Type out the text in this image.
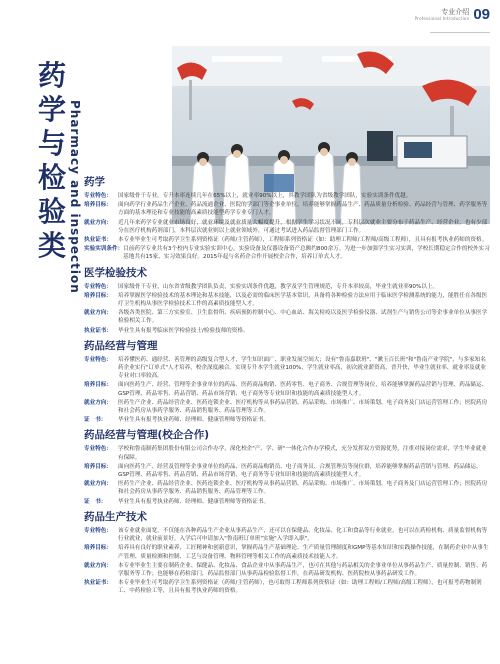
专业介绍
Professional Introduction 09
药
学
与
检
验
类 Pharmacy and inspection 药学
专业特色：	国家级骨干专业，专升本率连续几年在65%以上，就业率90%以上，其教学团队为省级教学团队，实验实训条件优越。
培养目标：	面向药学行业药品生产企业、药品流通企业、医院的学部门等企事业单位，培养能够掌握药品生产、药品质量分析检验、药品经营与管理、药学服务等方面的基本理论和专业技能的高素质技能型药学专业专门人才。
就业方向：	近几年来药学专业就业市场良好，就业环境及就业质量大幅度提升，根据学生学习状况不同，专科层次就业主要分布于药品生产、经营企业，也有少部分在医疗机构药剂部门，本科层次就业则以上就业领域外，可通过考试进入药品监督管理部门工作。
执业证书：	本专业毕业生可考取药学卫生系列资格证（药师/主管药师），工程师系列资格证（如：助理工程师/工程师/高级工程师），且具有报考执业药师的资格。
实验实训条件： 目前药学专业共有3个校内专业实验实训中心，实验设备及仪器设备资产总额约800余万。为进一步加强学生实习实训，学校长期稳定合作的校外实习基地共有15家，实习效果良好。2015年起与名药企合作开展校企合作，培养订单式人才。
医学检验技术
专业特色：	国家级骨干专业，山东省省级教学团队负责，实验实训条件优越，教学及学生管理规范，专升本率较高，毕业生就业率90%以上。
培养目标：	培养掌握医学检验技术的基本理论和基本技能，以及必需的临床医学基本常识，具备将各种检验方法应用于临床医学检测系统的能力，能胜任在各级医疗卫生机构从事医学检验技术工作的高素质技能型人才。
就业方向：	各级各类医院、第三方实验室、卫生监督所、疾病预防控制中心、中心血站、海关检疫以及医学检验仪器、试剂生产与销售公司等企事业单位从事医学检验相关工作。
执业证书：	毕业生具有报考临床医学检验技士/检验技师的资格。
药品经营与管理
专业特色：	培养懂医药、通经营、善管理的高级复合型人才，学生知识面广、职业发展空间大；设有"鲁南嘉联班"、"漱玉百长班"和"鲁南产业学院"，与多家知名药企业实行"订单式"人才培养，校企深度融合。实现专升本学生就业100%，学生就业率高，初次就业薪资高，晋升快，毕业生就业率、就业率及就业专业对口率较高。
培养目标：	面向医药生产、经营、管理等企事业单位的药品、医药商品购销、医药零售、电子商务、合规管理等岗位，培养能够掌握药品营销与管理、药品储运、GSP管理、药品零售、药品营销、药品市场营销、电子商务等专业知识和技能的高素质技能型人才。
就业方向：	医药生产企业、药品经营企业、医药连锁企业、医疗机构等从事药品营销、药品采购、市场推广、市场策划、电子商务及门店运营管理工作；医院药房和社会药房从事药学服务、药品销售服务、药品管理等工作。
证　书：	毕业生具有报考执业药师、经理师、健康管理师等资格证书。
药品经营与管理(校企合作)
专业特色：	学校和鲁南制药集团股份有限公司合作办学，深化校企"产、学、研"一体化合作办学模式，充分发挥双方资源优势，注重对接岗位需求，学生毕业就业有保障。
培养目标：	面向医药生产、经营及管理等企事业单位的药品、医药商品购销员、电子商务员、合规管理员等岗位群，培养能够掌握药品营销与管理、药品储运、GSP管理、药品零售、药品营销、药品市场营销、电子商务等专业知识和技能的高素质技能型人才。
就业方向：	医药生产企业、药品经营企业、医药连锁企业、医疗机构等从事药品营销、药品采购、市场推广、市场策划、电子商务及门店运营管理工作；医院药房和社会药房从事药学服务、药品销售服务、药品管理等工作。
证　书：	毕业生具有报考执业药师、经理师、健康管理师等资格证书。
药品生产技术
专业特色：	该专业就业面宽，不仅能在各种药品生产企业从事药品生产，还可以在保健品、化妆品、化工和食品等行业就业，也可以在药检机构、质量监督机构等行业就业，就业前景好。入学后可申请加入"鲁南班订单班"实施"入学即入职"。
培养目标：	培养具有良好的职业素养，工匠精神和创新意识，掌握药品生产基础理论、生产质量管理制度和GMP等基本知识和实践操作技能，在制药企业中从事生产管理、质量检测和控制、工艺与设备管理、物料管理等相关工作的高素质技术技能人才。
就业方向：	本专业毕业生主要在制药企业、保健品、化妆品、食品企业中从事药品生产，也可在其他与药品相关的企事业单位从事药品生产、质量控制、销售、药学服务等工作；也能够在药检部门，药品监督部门从事药品检验监督工作，在药品研发机构、医药院校从事药品研发工作。
执业证书：	本专业毕业生可考取药学卫生系列资格证（药师/主管药师），也可取得工程师系列资格证（如：助理工程师/工程师/高级工程师），也可报考药物制剂工、中药检验工等，且具有报考执业药师的资格。
